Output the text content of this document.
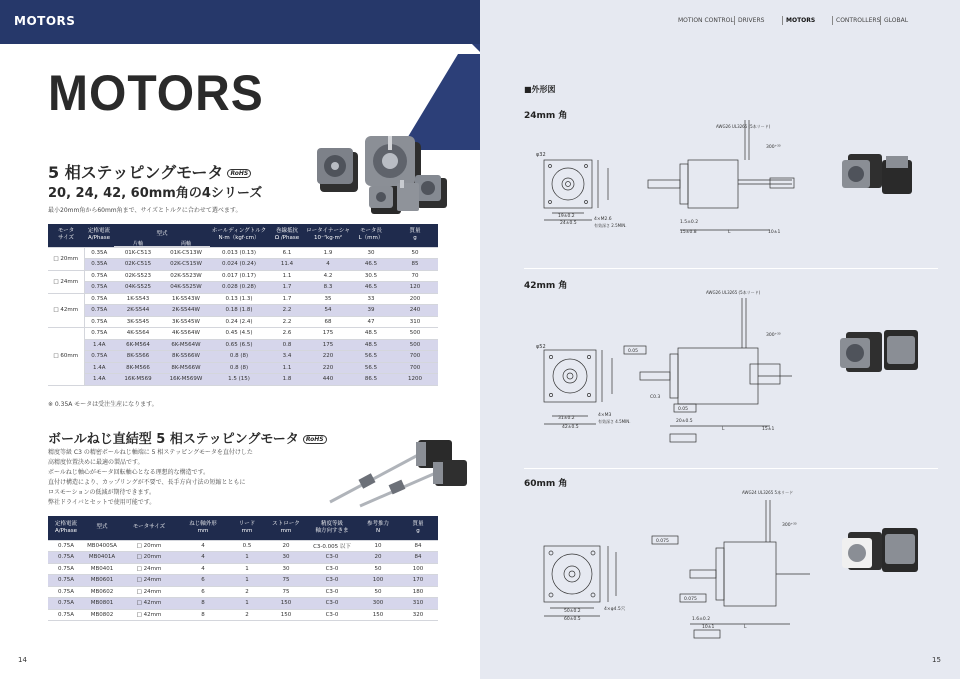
MOTORS
MOTORS
5 相ステッピングモータ RoHS
20, 24, 42, 60mm角の4シリーズ
最小20mm角から60mm角まで、サイズとトルクに合わせて選べます。
モータ
サイズ	定格電流
A/Phase	型式		ホールディングトルク
N·m（kgf·cm）	巻線抵抗
Ω /Phase	ロータイナーシャ
10⁻⁷kg·m²	モータ長
L（mm）	質量
g
		片軸	両軸					
□ 20mm	0.35A	01K-C513	01K-C513W	0.013 (0.13)	6.1	1.9	30	50
	0.35A	02K-C515	02K-C515W	0.024 (0.24)	11.4	4	46.5	85
□ 24mm	0.75A	02K-S523	02K-S523W	0.017 (0.17)	1.1	4.2	30.5	70
	0.75A	04K-S525	04K-S525W	0.028 (0.28)	1.7	8.3	46.5	120
□ 42mm	0.75A	1K-S543	1K-S543W	0.13 (1.3)	1.7	35	33	200
	0.75A	2K-S544	2K-S544W	0.18 (1.8)	2.2	54	39	240
	0.75A	3K-S545	3K-S545W	0.24 (2.4)	2.2	68	47	310
□ 60mm	0.75A	4K-S564	4K-S564W	0.45 (4.5)	2.6	175	48.5	500
	1.4A	6K-M564	6K-M564W	0.65 (6.5)	0.8	175	48.5	500
	0.75A	8K-S566	8K-S566W	0.8 (8)	3.4	220	56.5	700
	1.4A	8K-M566	8K-M566W	0.8 (8)	1.1	220	56.5	700
	1.4A	16K-M569	16K-M569W	1.5 (15)	1.8	440	86.5	1200
※ 0.35A モータは受注生産になります。
ボールねじ直結型 5 相ステッピングモータ RoHS
精度等級 C3 の精密ボールねじ軸端に 5 相ステッピングモータを直付けした
高精度位置決めに最適の製品です。
ボールねじ軸心がモータ回転軸心となる理想的な構造です。
直付け構造により、カップリングが不要で、長手方向寸法の短縮とともに
ロスモーションの低減が期待できます。
弊社ドライバとセットで使用可能です。
定格電流
A/Phase	型式	モータサイズ	ねじ軸外形
mm	リード
mm	ストローク
mm	精度等級
軸方向すきま	参考推力
N	質量
g
0.75A	MB0400SA	□ 20mm	4	0.5	20	C3-0.005 以下	10	84
0.75A	MB0401A	□ 20mm	4	1	30	C3-0	20	84
0.75A	MB0401	□ 24mm	4	1	30	C3-0	50	100
0.75A	MB0601	□ 24mm	6	1	75	C3-0	100	170
0.75A	MB0602	□ 24mm	6	2	75	C3-0	50	180
0.75A	MB0801	□ 42mm	8	1	150	C3-0	300	310
0.75A	MB0802	□ 42mm	8	2	150	C3-0	150	320
14
MOTION CONTROL DRIVERS	MOTORS	CONTROLLERS GLOBAL
■外形図
24mm 角
42mm 角
60mm 角
φ32
24±0.5
19±0.2
4×M2.6
有効深さ 2.5MIN.
AWG26 UL3265 (5本リード)
300⁺³⁰
1.5±0.2
15±0.8	L	10±1
φ52
42±0.5
31±0.2
4×M3
有効深さ 4.5MIN.
AWG26 UL3265 (5本リード)
300⁺³⁰
0.05
0.05
C0.3
20±0.5
L	15±1
60±0.5
50±0.2	4×φ4.5穴
AWG24 UL3265 5本リード
300⁺³⁰
0.075
0.075
1.6±0.2
10±1	L
15
